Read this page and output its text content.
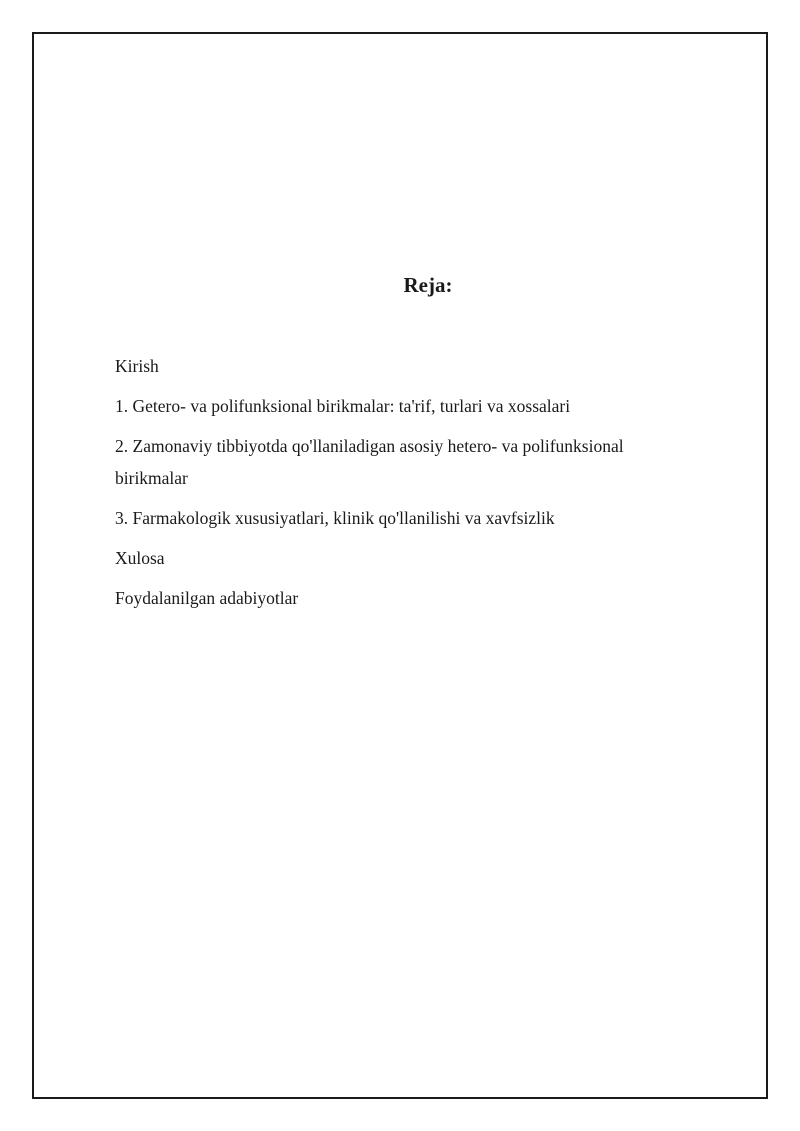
Reja:
Kirish
1. Getero- va polifunksional birikmalar: ta'rif, turlari va xossalari
2. Zamonaviy tibbiyotda qo'llaniladigan asosiy hetero- va polifunksional birikmalar
3. Farmakologik xususiyatlari, klinik qo'llanilishi va xavfsizlik
Xulosa
Foydalanilgan adabiyotlar
